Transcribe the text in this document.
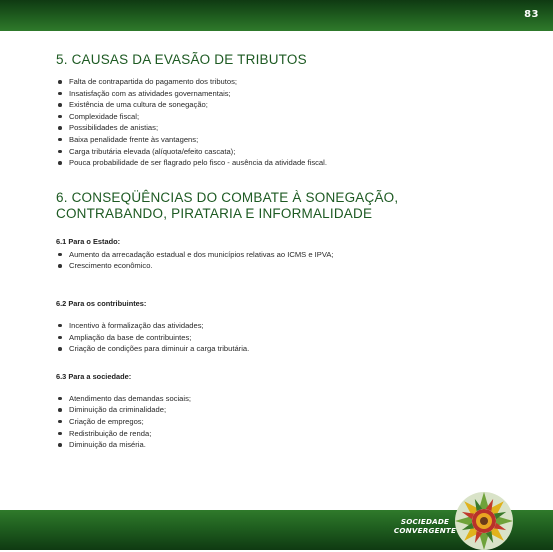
83
5. CAUSAS DA EVASÃO DE TRIBUTOS
Falta de contrapartida do pagamento dos tributos;
Insatisfação com as atividades governamentais;
Existência de uma cultura de sonegação;
Complexidade fiscal;
Possibilidades de anistias;
Baixa penalidade frente às vantagens;
Carga tributária elevada (alíquota/efeito cascata);
Pouca probabilidade de ser flagrado pelo fisco - ausência da atividade fiscal.
6. CONSEQÜÊNCIAS DO COMBATE À SONEGAÇÃO,
CONTRABANDO, PIRATARIA E INFORMALIDADE
6.1 Para o Estado:
Aumento da arrecadação estadual e dos municípios relativas ao ICMS e IPVA;
Crescimento econômico.
6.2 Para os contribuintes:
Incentivo à formalização das atividades;
Ampliação da base de contribuintes;
Criação de condições para diminuir a carga tributária.
6.3 Para a sociedade:
Atendimento das demandas sociais;
Diminuição da criminalidade;
Criação de empregos;
Redistribuição de renda;
Diminuição da miséria.
SOCIEDADE
CONVERGENTE
